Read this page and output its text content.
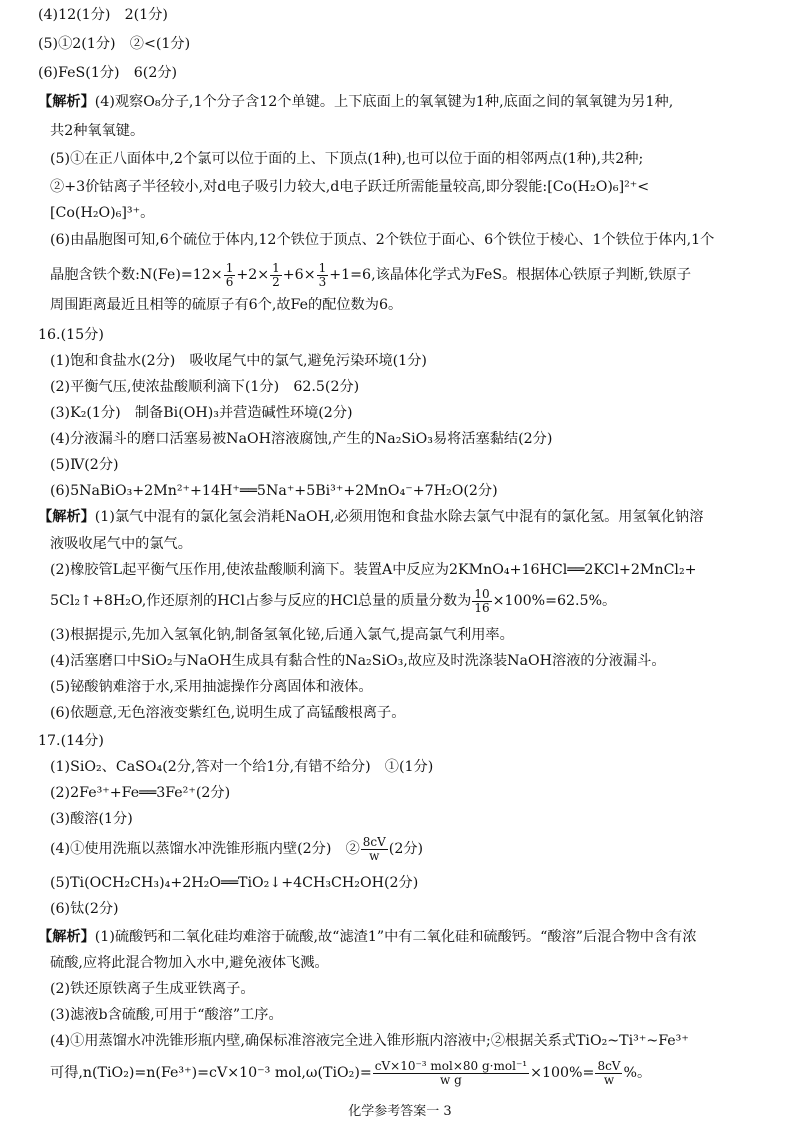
(4)12(1分)　2(1分)
(5)①2(1分)　②<(1分)
(6)FeS(1分)　6(2分)
【解析】(4)观察O₈分子,1个分子含12个单键。上下底面上的氧氧键为1种,底面之间的氧氧键为另1种,
共2种氧氧键。
(5)①在正八面体中,2个氯可以位于面的上、下顶点(1种),也可以位于面的相邻两点(1种),共2种;
②+3价钴离子半径较小,对d电子吸引力较大,d电子跃迁所需能量较高,即分裂能:[Co(H₂O)₆]²⁺<
[Co(H₂O)₆]³⁺。
(6)由晶胞图可知,6个硫位于体内,12个铁位于顶点、2个铁位于面心、6个铁位于棱心、1个铁位于体内,1个
晶胞含铁个数:N(Fe)=12× $\frac{1}{6} +2\times \frac{1}{2} +6\times \frac{1}{3} +1=6$,该晶体化学式为FeS。根据体心铁原子判断,铁原子
周围距离最近且相等的硫原子有6个,故Fe的配位数为6。
16.(15分)
(1)饱和食盐水(2分)　吸收尾气中的氯气,避免污染环境(1分)
(2)平衡气压,使浓盐酸顺利滴下(1分)　62.5(2分)
(3)K₂(1分)　制备Bi(OH)₃并营造碱性环境(2分)
(4)分液漏斗的磨口活塞易被NaOH溶液腐蚀,产生的Na₂SiO₃易将活塞黏结(2分)
(5)Ⅳ(2分)
(6)5NaBiO₃+2Mn²⁺+14H⁺══5Na⁺+5Bi³⁺+2MnO₄⁻+7H₂O(2分)
【解析】(1)氯气中混有的氯化氢会消耗NaOH,必须用饱和食盐水除去氯气中混有的氯化氢。用氢氧化钠溶
液吸收尾气中的氯气。
(2)橡胶管L起平衡气压作用,使浓盐酸顺利滴下。装置A中反应为2KMnO₄+16HCl══2KCl+2MnCl₂+
5Cl₂↑+8H₂O,作还原剂的HCl占参与反应的HCl总量的质量分数为 $\frac{10}{16} \times 100\%=62.5\%$。
(3)根据提示,先加入氢氧化钠,制备氢氧化铋,后通入氯气,提高氯气利用率。
(4)活塞磨口中SiO₂与NaOH生成具有黏合性的Na₂SiO₃,故应及时洗涤装NaOH溶液的分液漏斗。
(5)铋酸钠难溶于水,采用抽滤操作分离固体和液体。
(6)依题意,无色溶液变紫红色,说明生成了高锰酸根离子。
17.(14分)
(1)SiO₂、CaSO₄(2分,答对一个给1分,有错不给分)　①(1分)
(2)2Fe³⁺+Fe══3Fe²⁺(2分)
(3)酸溶(1分)
(4)①使用洗瓶以蒸馏水冲洗锥形瓶内壁(2分)　② $\frac{8cV}{w} (2$分)
(5)Ti(OCH₂CH₃)₄+2H₂O══TiO₂↓+4CH₃CH₂OH(2分)
(6)钛(2分)
【解析】(1)硫酸钙和二氧化硅均难溶于硫酸,故“滤渣1”中有二氧化硅和硫酸钙。“酸溶”后混合物中含有浓
硫酸,应将此混合物加入水中,避免液体飞溅。
(2)铁还原铁离子生成亚铁离子。
(3)滤液b含硫酸,可用于“酸溶”工序。
(4)①用蒸馏水冲洗锥形瓶内壁,确保标准溶液完全进入锥形瓶内溶液中;②根据关系式TiO₂~Ti³⁺~Fe³⁺
可得,n(TiO₂)=n(Fe³⁺)=cV×10⁻³ $mol,\omega(TiO_2)= \frac{\text{cV×10⁻³ mol×80 g·mol⁻¹}}{\text{w g}} \times 100\%= \frac{8cV}{w}$ %。
化学参考答案一 3
